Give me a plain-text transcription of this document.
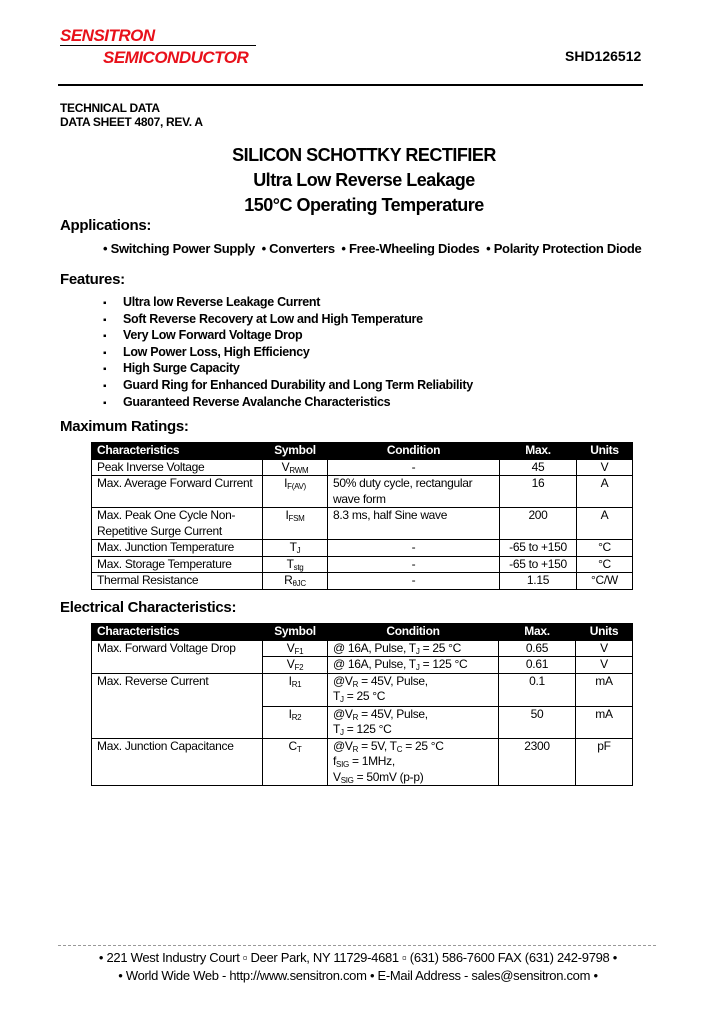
SENSITRON
SEMICONDUCTOR	SHD126512
TECHNICAL DATA
DATA SHEET 4807, REV. A
SILICON SCHOTTKY RECTIFIER
Ultra Low Reverse Leakage
150°C Operating Temperature
Applications:
• Switching Power Supply  • Converters  • Free-Wheeling Diodes  • Polarity Protection Diode
Features:
▪ Ultra low Reverse Leakage Current
▪ Soft Reverse Recovery at Low and High Temperature
▪ Very Low Forward Voltage Drop
▪ Low Power Loss, High Efficiency
▪ High Surge Capacity
▪ Guard Ring for Enhanced Durability and Long Term Reliability
▪ Guaranteed Reverse Avalanche Characteristics
Maximum Ratings:
Characteristics	Symbol	Condition	Max.	Units
Peak Inverse Voltage	$V_{RWM}$	-	45	V
Max. Average Forward Current	$I_{F(AV)}$	50% duty cycle, rectangular wave form	16	A
Max. Peak One Cycle Non-Repetitive Surge Current	$I_{FSM}$	8.3 ms, half Sine wave	200	A
Max. Junction Temperature	$T_J$	-	-65 to +150	°C
Max. Storage Temperature	$T_{stg}$	-	-65 to +150	°C
Thermal Resistance	$R_{\theta JC}$	-	1.15	°C/W
Electrical Characteristics:
Characteristics	Symbol	Condition	Max.	Units
Max. Forward Voltage Drop	$V_{F1}$	@ 16A, Pulse, $T_J = 25$ °C	0.65	V
	$V_{F2}$	@ 16A, Pulse, $T_J = 125$ °C	0.61	V
Max. Reverse Current	$I_{R1}$	$@V_R = 45V$, Pulse,
$T_J = 25$ °C	0.1	mA
	$I_{R2}$	$@V_R = 45V$, Pulse,
$T_J = 125$ °C	50	mA
Max. Junction Capacitance	$C_T$	$@V_R = 5V$, $T_C = 25$ °C
$f_{SIG} = 1MHz$,
$V_{SIG} = 50mV$ (p-p)	2300	pF
• 221 West Industry Court ▫ Deer Park, NY 11729-4681 ▫ (631) 586-7600 FAX (631) 242-9798 •
• World Wide Web - http://www.sensitron.com • E-Mail Address - sales@sensitron.com •
